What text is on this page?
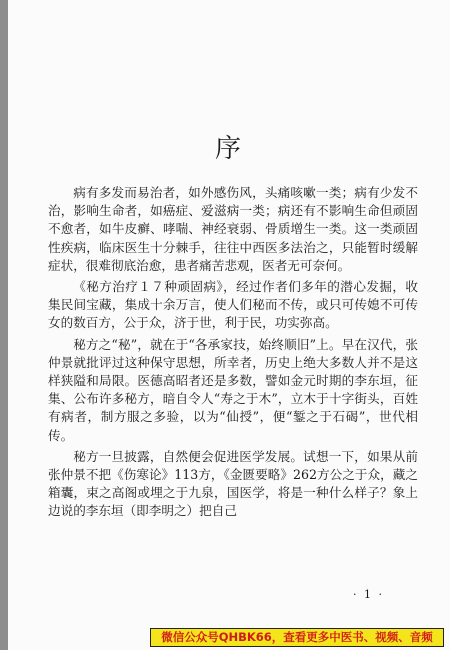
序

病有多发而易治者，如外感伤风，头痛咳嗽一类；病有少发不治，影响生命者，如癌症、爱滋病一类；病还有不影响生命但顽固不愈者，如牛皮癣、哮喘、神经衰弱、骨质增生一类。这一类顽固性疾病，临床医生十分棘手，往往中西医多法治之，只能暂时缓解症状，很难彻底治愈，患者痛苦悲观，医者无可奈何。

《秘方治疗１７种顽固病》，经过作者们多年的潜心发掘，收集民间宝藏，集成十余万言，使人们秘而不传，或只可传媳不可传女的数百方，公于众，济于世，利于民，功实弥高。

秘方之“秘”，就在于“各承家技，始终顺旧”上。早在汉代，张仲景就批评过这种保守思想，所幸者，历史上绝大多数人并不是这样狭隘和局限。医德高昭者还是多数，譬如金元时期的李东垣，征集、公布许多秘方，暗自令人“寿之于木”，立木于十字街头，百姓有病者，制方服之多验，以为“仙授”，便“錾之于石碣”，世代相传。

秘方一旦披露，自然便会促进医学发展。试想一下，如果从前张仲景不把《伤寒论》113方，《金匮要略》262方公之于众，藏之箱囊，束之高阁或埋之于九泉，国医学，将是一种什么样子？象上边说的李东垣（即李明之）把自己

· 1 ·
微信公众号QHBK66，查看更多中医书、视频、音频
